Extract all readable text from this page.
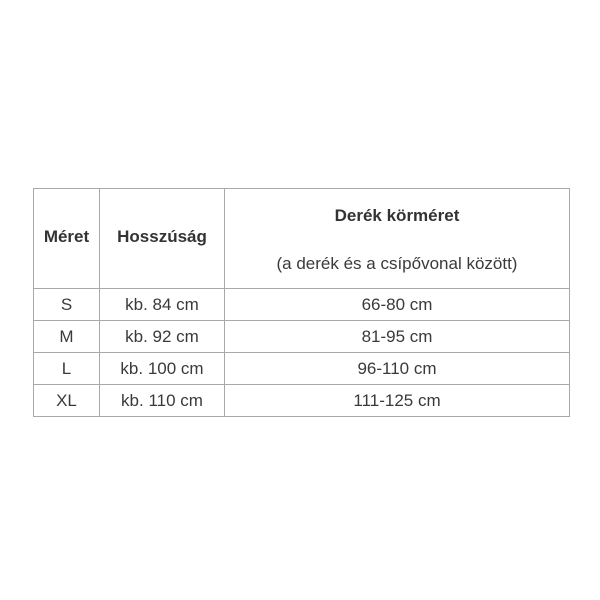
Méret	Hosszúság	Derék körméret
(a derék és a csípővonal között)

S	kb. 84 cm	66-80 cm
M	kb. 92 cm	81-95 cm
L	kb. 100 cm	96-110 cm
XL	kb. 110 cm	111-125 cm
